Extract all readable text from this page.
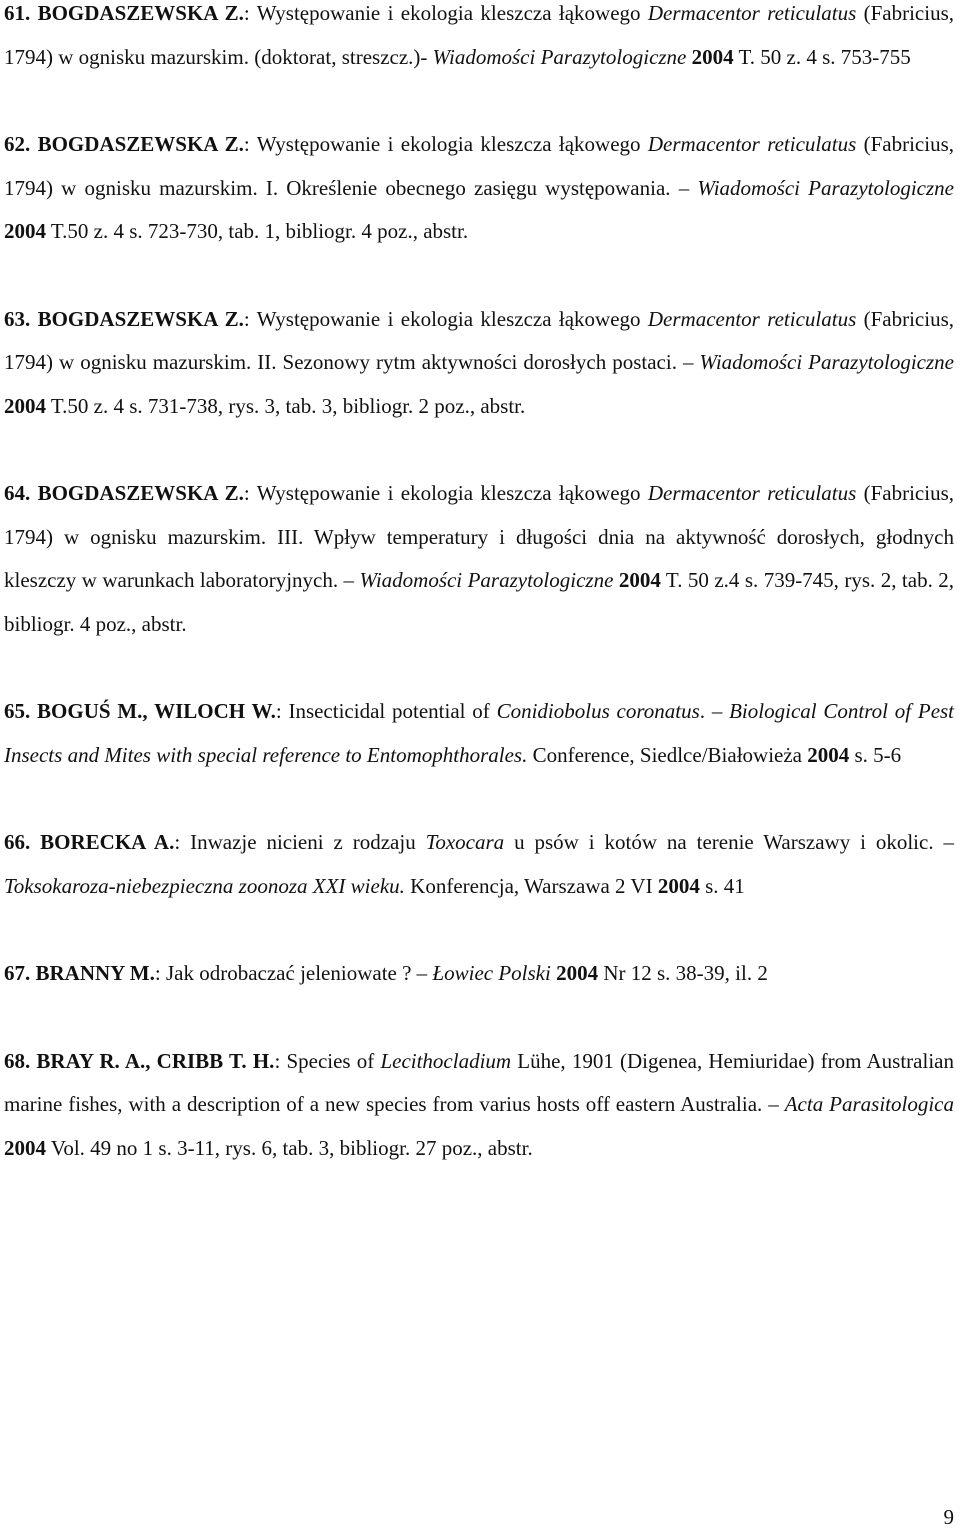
61. BOGDASZEWSKA Z.: Występowanie i ekologia kleszcza łąkowego Dermacentor reticulatus (Fabricius, 1794) w ognisku mazurskim. (doktorat, streszcz.)- Wiadomości Parazytologiczne 2004 T. 50 z. 4 s. 753-755

62. BOGDASZEWSKA Z.: Występowanie i ekologia kleszcza łąkowego Dermacentor reticulatus (Fabricius, 1794) w ognisku mazurskim. I. Określenie obecnego zasięgu występowania. – Wiadomości Parazytologiczne 2004 T.50 z. 4 s. 723-730, tab. 1, bibliogr. 4 poz., abstr.

63. BOGDASZEWSKA Z.: Występowanie i ekologia kleszcza łąkowego Dermacentor reticulatus (Fabricius, 1794) w ognisku mazurskim. II. Sezonowy rytm aktywności dorosłych postaci. – Wiadomości Parazytologiczne 2004 T.50 z. 4 s. 731-738, rys. 3, tab. 3, bibliogr. 2 poz., abstr.

64. BOGDASZEWSKA Z.: Występowanie i ekologia kleszcza łąkowego Dermacentor reticulatus (Fabricius, 1794) w ognisku mazurskim. III. Wpływ temperatury i długości dnia na aktywność dorosłych, głodnych kleszczy w warunkach laboratoryjnych. – Wiadomości Parazytologiczne 2004 T. 50 z.4 s. 739-745, rys. 2, tab. 2, bibliogr. 4 poz., abstr.

65. BOGUŚ M., WILOCH W.: Insecticidal potential of Conidiobolus coronatus. – Biological Control of Pest Insects and Mites with special reference to Entomophthorales. Conference, Siedlce/Białowieża 2004 s. 5-6

66. BORECKA A.: Inwazje nicieni z rodzaju Toxocara u psów i kotów na terenie Warszawy i okolic. – Toksokaroza-niebezpieczna zoonoza XXI wieku. Konferencja, Warszawa 2 VI 2004 s. 41

67. BRANNY M.: Jak odrobaczać jeleniowate ? – Łowiec Polski 2004 Nr 12 s. 38-39, il. 2

68. BRAY R. A., CRIBB T. H.: Species of Lecithocladium Lühe, 1901 (Digenea, Hemiuridae) from Australian marine fishes, with a description of a new species from varius hosts off eastern Australia. – Acta Parasitologica 2004 Vol. 49 no 1 s. 3-11, rys. 6, tab. 3, bibliogr. 27 poz., abstr.

9
